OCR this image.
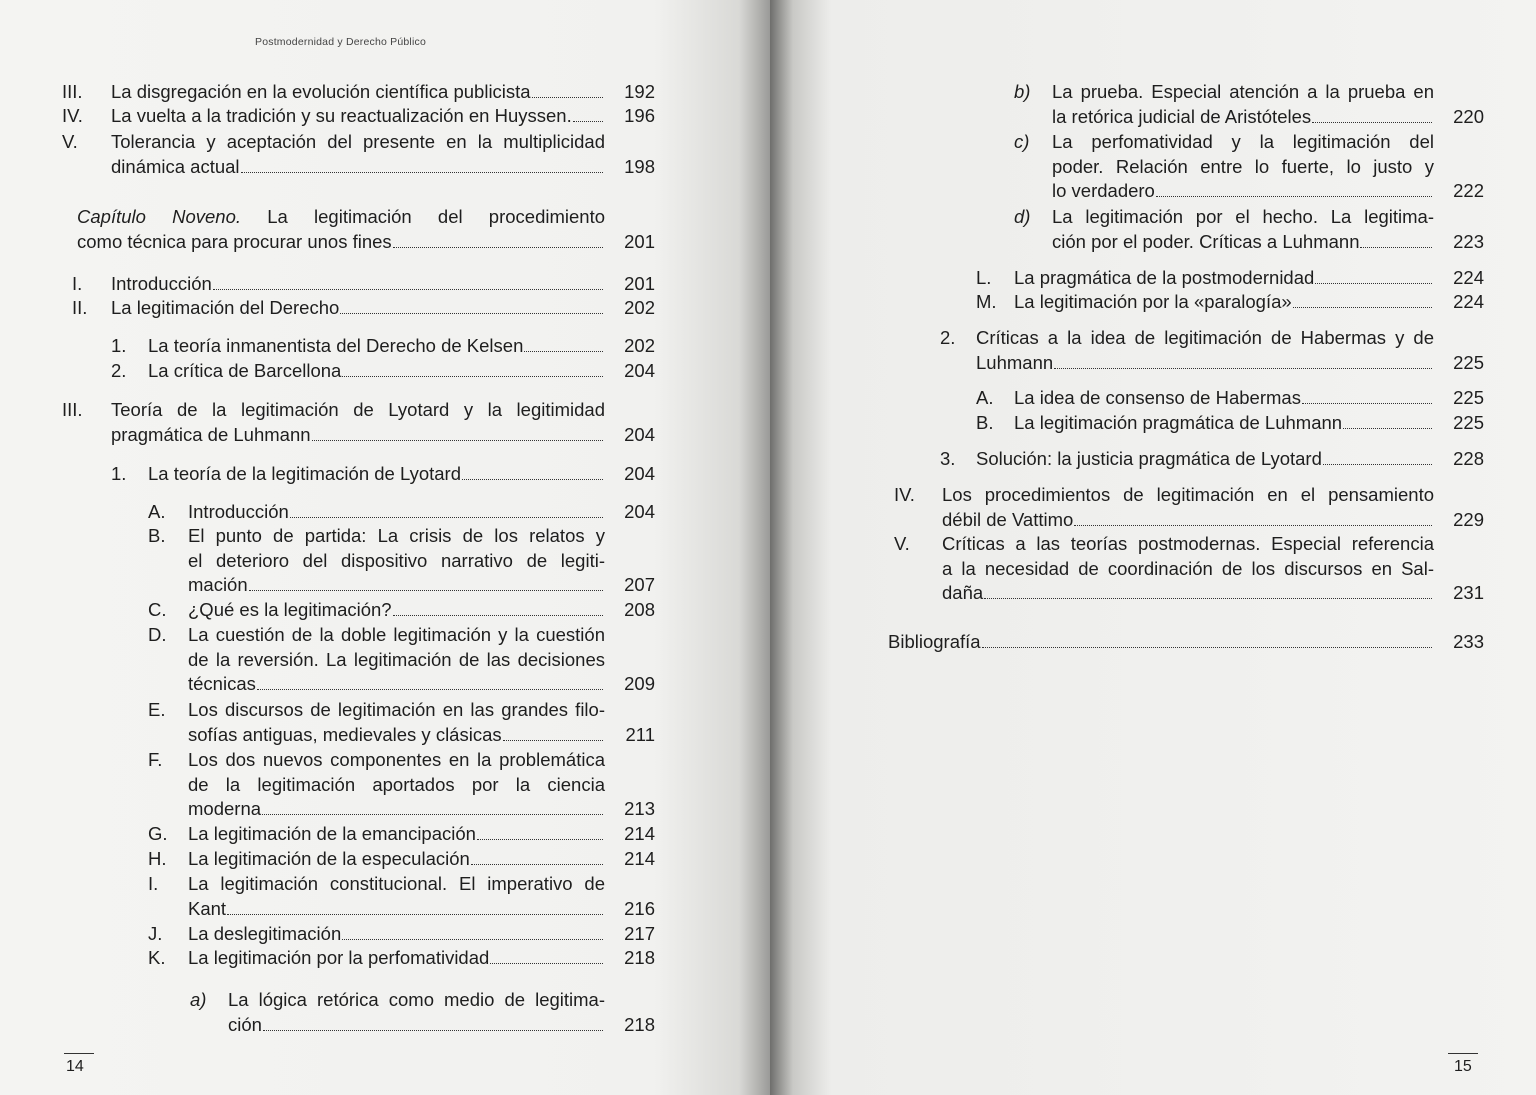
Postmodernidad y Derecho Público
III. La disgregación en la evolución científica publicista	192
IV. La vuelta a la tradición y su reactualización en Huyssen.	196
V. Tolerancia y aceptación del presente en la multiplicidad
dinámica actual	198
Capítulo Noveno. La legitimación del procedimiento
como técnica para procurar unos fines	201
I. Introducción	201
II. La legitimación del Derecho	202
1. La teoría inmanentista del Derecho de Kelsen	202
2. La crítica de Barcellona	204
III. Teoría de la legitimación de Lyotard y la legitimidad
pragmática de Luhmann	204
1. La teoría de la legitimación de Lyotard	204
A. Introducción	204
B. El punto de partida: La crisis de los relatos y
el deterioro del dispositivo narrativo de legiti-
mación	207
C. ¿Qué es la legitimación?	208
D. La cuestión de la doble legitimación y la cuestión
de la reversión. La legitimación de las decisiones
técnicas	209
E. Los discursos de legitimación en las grandes filo-
sofías antiguas, medievales y clásicas	211
F. Los dos nuevos componentes en la problemática
de la legitimación aportados por la ciencia
moderna	213
G. La legitimación de la emancipación	214
H. La legitimación de la especulación	214
I. La legitimación constitucional. El imperativo de
Kant	216
J. La deslegitimación	217
K. La legitimación por la perfomatividad	218
a) La lógica retórica como medio de legitima-
ción	218
14
b) La prueba. Especial atención a la prueba en
la retórica judicial de Aristóteles	220
c) La perfomatividad y la legitimación del
poder. Relación entre lo fuerte, lo justo y
lo verdadero	222
d) La legitimación por el hecho. La legitima-
ción por el poder. Críticas a Luhmann	223
L. La pragmática de la postmodernidad	224
M. La legitimación por la «paralogía»	224
2. Críticas a la idea de legitimación de Habermas y de
Luhmann	225
A. La idea de consenso de Habermas	225
B. La legitimación pragmática de Luhmann	225
3. Solución: la justicia pragmática de Lyotard	228
IV. Los procedimientos de legitimación en el pensamiento
débil de Vattimo	229
V. Críticas a las teorías postmodernas. Especial referencia
a la necesidad de coordinación de los discursos en Sal-
daña	231
Bibliografía	233
15
